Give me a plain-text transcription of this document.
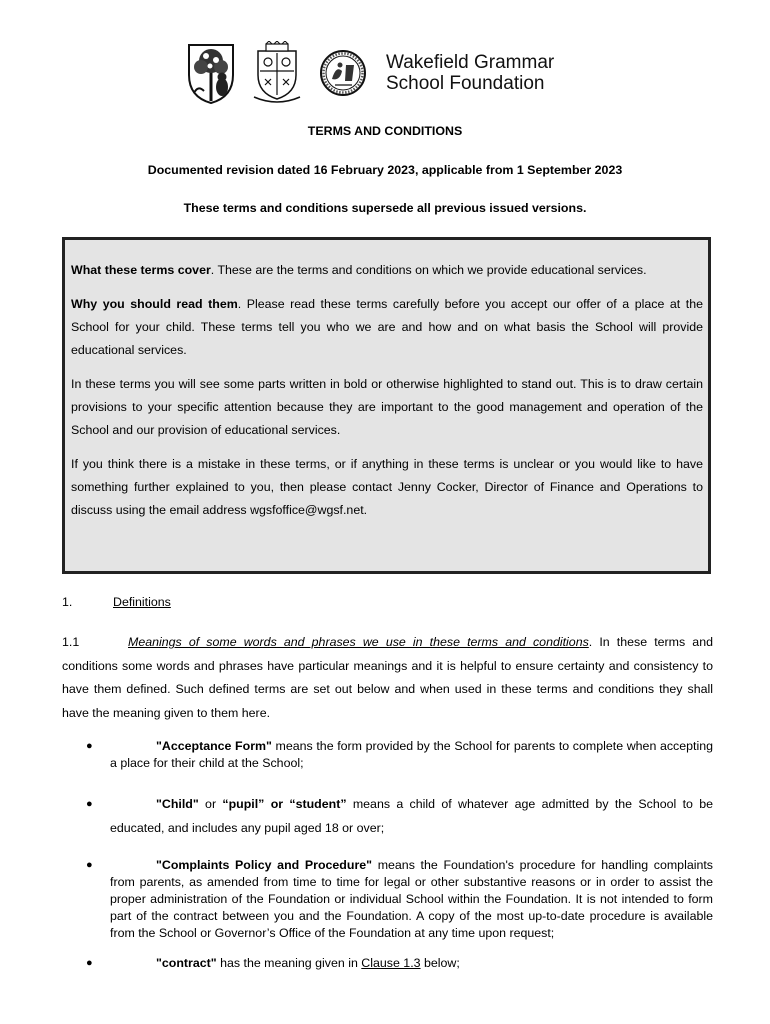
Wakefield Grammar
School Foundation
TERMS AND CONDITIONS
Documented revision dated 16 February 2023, applicable from 1 September 2023
These terms and conditions supersede all previous issued versions.

What these terms cover. These are the terms and conditions on which we provide educational services.

Why you should read them. Please read these terms carefully before you accept our offer of a place at the School for your child. These terms tell you who we are and how and on what basis the School will provide educational services.

In these terms you will see some parts written in bold or otherwise highlighted to stand out. This is to draw certain provisions to your specific attention because they are important to the good management and operation of the School and our provision of educational services.

If you think there is a mistake in these terms, or if anything in these terms is unclear or you would like to have something further explained to you, then please contact Jenny Cocker, Director of Finance and Operations to discuss using the email address wgsfoffice@wgsf.net.

1.	Definitions
1.1	Meanings of some words and phrases we use in these terms and conditions. In these terms and conditions some words and phrases have particular meanings and it is helpful to ensure certainty and consistency to have them defined. Such defined terms are set out below and when used in these terms and conditions they shall have the meaning given to them here.
●	"Acceptance Form" means the form provided by the School for parents to complete when accepting a place for their child at the School;
●	"Child" or “pupil” or “student” means a child of whatever age admitted by the School to be educated, and includes any pupil aged 18 or over;
●	"Complaints Policy and Procedure" means the Foundation's procedure for handling complaints from parents, as amended from time to time for legal or other substantive reasons or in order to assist the proper administration of the Foundation or individual School within the Foundation. It is not intended to form part of the contract between you and the Foundation. A copy of the most up-to-date procedure is available from the School or Governor’s Office of the Foundation at any time upon request;
●	"contract" has the meaning given in Clause 1.3 below;
